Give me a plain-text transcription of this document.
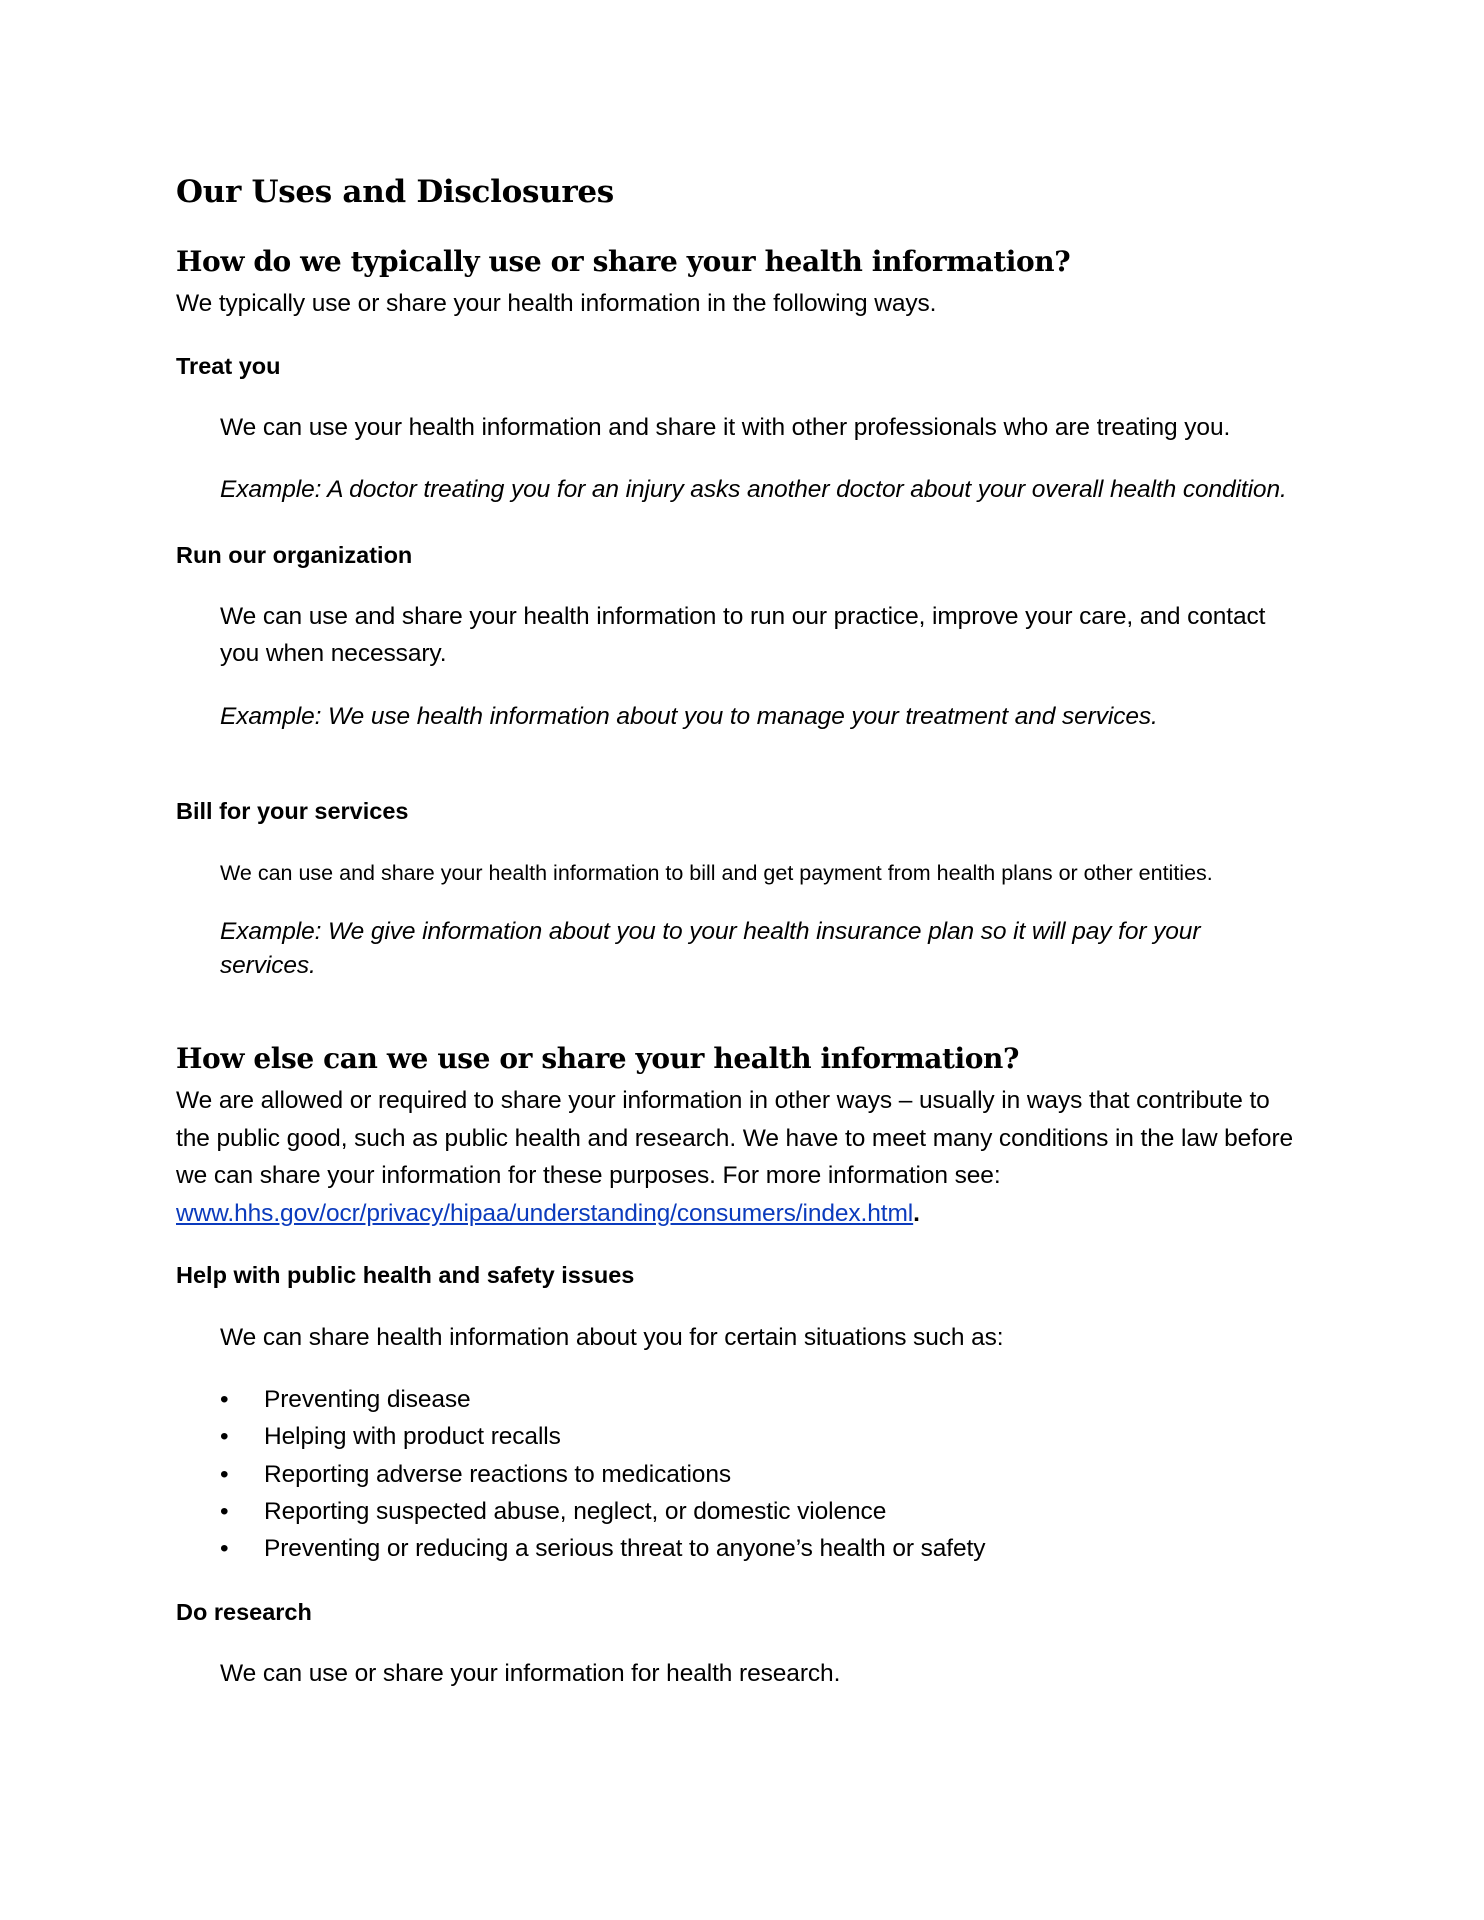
Our Uses and Disclosures
How do we typically use or share your health information?

We typically use or share your health information in the following ways.

Treat you

We can use your health information and share it with other professionals who are treating you.

Example: A doctor treating you for an injury asks another doctor about your overall health condition.

Run our organization

We can use and share your health information to run our practice, improve your care, and contact

you when necessary.

Example: We use health information about you to manage your treatment and services.

Bill for your services

We can use and share your health information to bill and get payment from health plans or other entities.

Example: We give information about you to your health insurance plan so it will pay for your

services.

How else can we use or share your health information?

We are allowed or required to share your information in other ways – usually in ways that contribute to

the public good, such as public health and research. We have to meet many conditions in the law before

we can share your information for these purposes. For more information see:

www.hhs.gov/ocr/privacy/hipaa/understanding/consumers/index.html.

Help with public health and safety issues

We can share health information about you for certain situations such as:

• Preventing disease
• Helping with product recalls
• Reporting adverse reactions to medications
• Reporting suspected abuse, neglect, or domestic violence
• Preventing or reducing a serious threat to anyone’s health or safety

Do research

We can use or share your information for health research.
